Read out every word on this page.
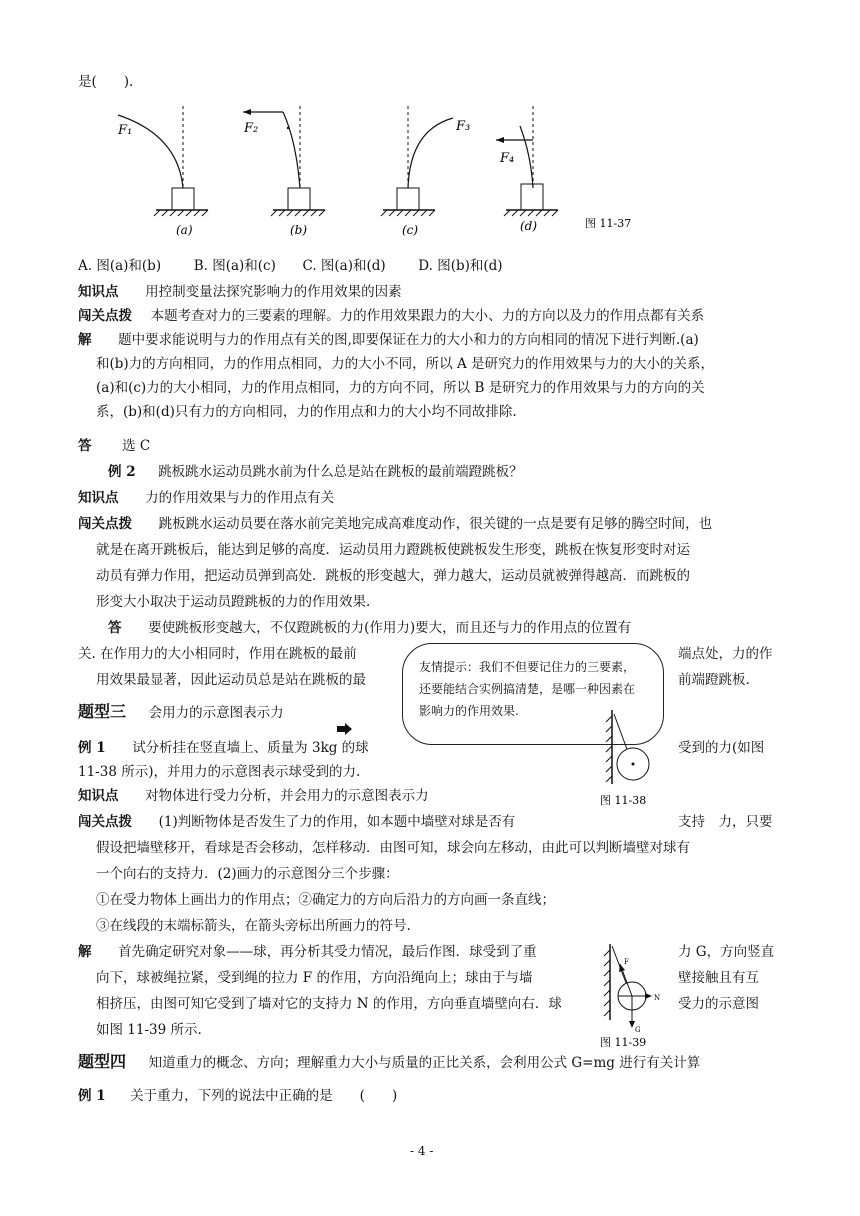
是(　　).
F₁
(a)
F₂
(b)
F₃
(c)
F₄
(d)	图 11-37
A. 图(a)和(b) B. 图(a)和(c) C. 图(a)和(d) D. 图(b)和(d)
知识点 用控制变量法探究影响力的作用效果的因素
闯关点拨 本题考查对力的三要素的理解。力的作用效果跟力的大小、力的方向以及力的作用点都有关系
解 题中要求能说明与力的作用点有关的图,即要保证在力的大小和力的方向相同的情况下进行判断.(a)
和(b)力的方向相同，力的作用点相同，力的大小不同，所以 A 是研究力的作用效果与力的大小的关系，
(a)和(c)力的大小相同，力的作用点相同，力的方向不同，所以 B 是研究力的作用效果与力的方向的关
系，(b)和(d)只有力的方向相同，力的作用点和力的大小均不同故排除.
答 选 C
例 2 跳板跳水运动员跳水前为什么总是站在跳板的最前端蹬跳板？
知识点 力的作用效果与力的作用点有关
闯关点拨 跳板跳水运动员要在落水前完美地完成高难度动作，很关键的一点是要有足够的腾空时间，也
就是在离开跳板后，能达到足够的高度．运动员用力蹬跳板使跳板发生形变，跳板在恢复形变时对运
动员有弹力作用，把运动员弹到高处．跳板的形变越大，弹力越大，运动员就被弹得越高．而跳板的
形变大小取决于运动员蹬跳板的力的作用效果.
答 要使跳板形变越大，不仅蹬跳板的力(作用力)要大，而且还与力的作用点的位置有
关. 在作用力的大小相同时，作用在跳板的最前	端点处，力的作
用效果最显著，因此运动员总是站在跳板的最	前端蹬跳板.
友情提示：我们不但要记住力的三要素，还要能结合实例搞清楚，是哪一种因素在影响力的作用效果.
题型三 会用力的示意图表示力
例 1 试分析挂在竖直墙上、质量为 3kg 的球	受到的力(如图
11-38 所示)，并用力的示意图表示球受到的力.
图 11-38
知识点 对物体进行受力分析，并会用力的示意图表示力
闯关点拨 (1)判断物体是否发生了力的作用，如本题中墙壁对球是否有	支持　力，只要
假设把墙壁移开，看球是否会移动，怎样移动．由图可知，球会向左移动，由此可以判断墙壁对球有
一个向右的支持力．(2)画力的示意图分三个步骤：
①在受力物体上画出力的作用点；②确定力的方向后沿力的方向画一条直线；
③在线段的末端标箭头，在箭头旁标出所画力的符号.
解 首先确定研究对象——球，再分析其受力情况，最后作图．球受到了重	力 G，方向竖直
向下，球被绳拉紧，受到绳的拉力 F 的作用，方向沿绳向上；球由于与墙	壁接触且有互
相挤压，由图可知它受到了墙对它的支持力 N 的作用，方向垂直墙壁向右．球	受力的示意图
如图 11-39 所示.
F
N
G
图 11-39
题型四 知道重力的概念、方向；理解重力大小与质量的正比关系，会利用公式 G=mg 进行有关计算
例 1 关于重力，下列的说法中正确的是　　(　　)
- 4 -
